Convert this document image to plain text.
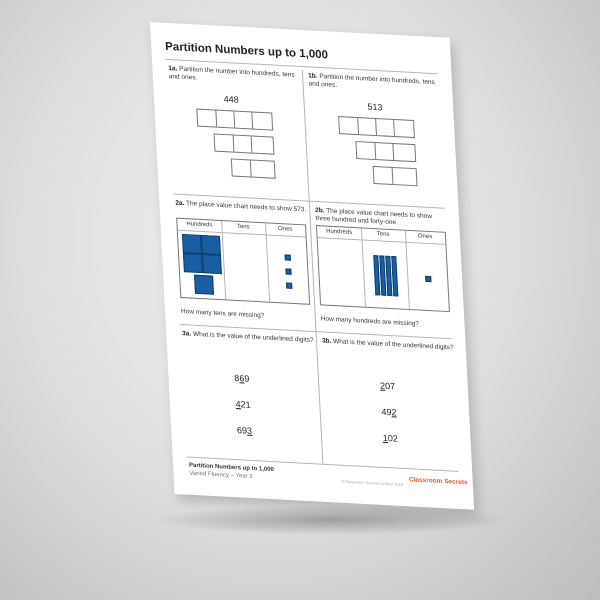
Partition Numbers up to 1,000
1a. Partition the number into hundreds, tens and ones.
448
1b. Partition the number into hundreds, tens and ones.
513
2a. The place value chart needs to show 573.
Hundreds	Tens	Ones
How many tens are missing?
2b. The place value chart needs to show three hundred and forty-one.
Hundreds	Tens	Ones
How many hundreds are missing?
3a. What is the value of the underlined digits?
869
421
693
3b. What is the value of the underlined digits?
207
492
102
Partition Numbers up to 1,000
Varied Fluency – Year 3
© Classroom Secrets Limited 2019 Classroom Secrets
